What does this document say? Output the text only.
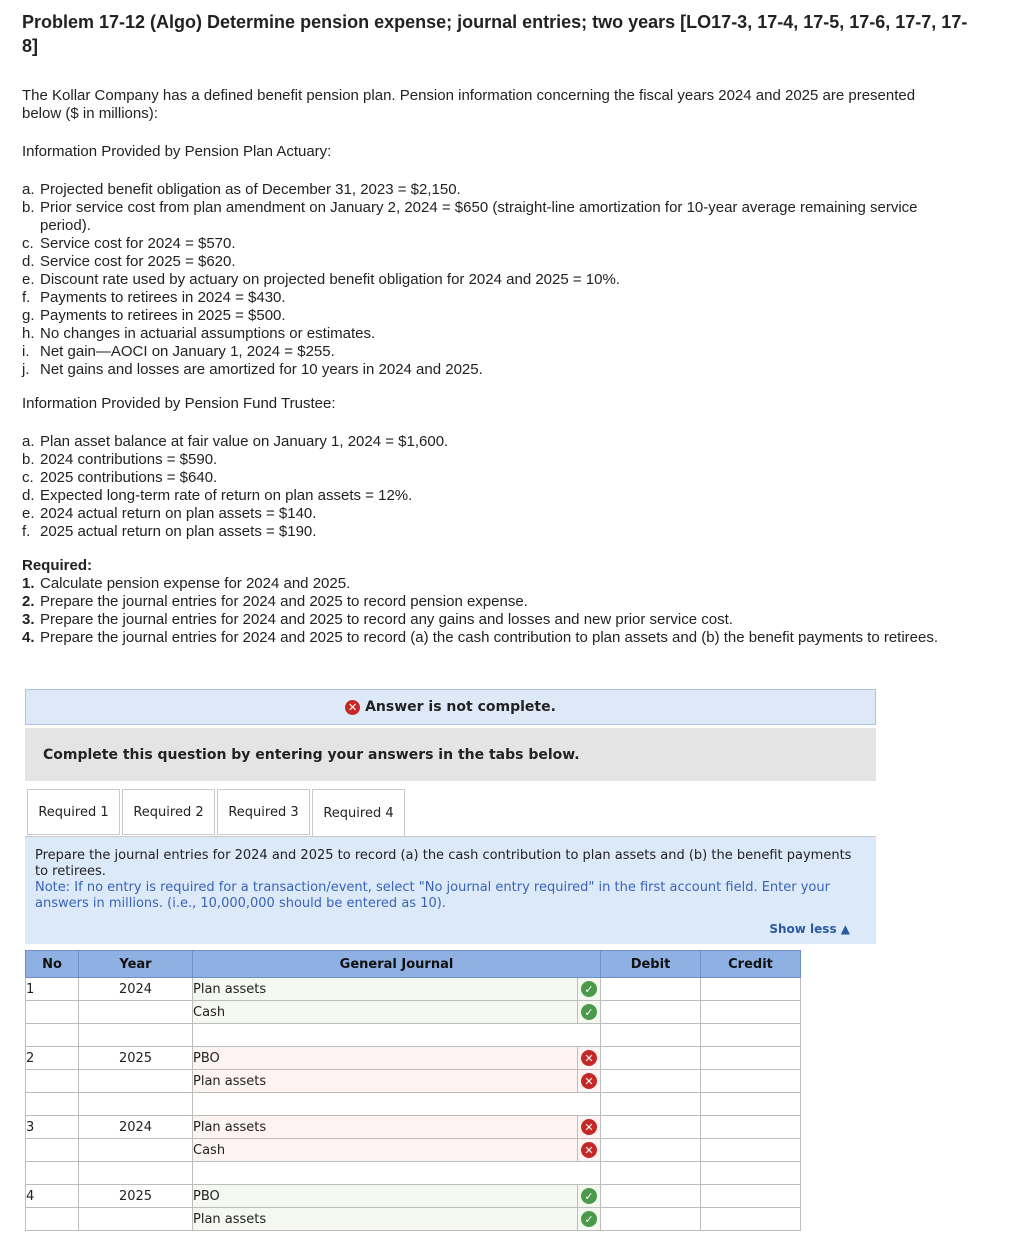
Problem 17-12 (Algo) Determine pension expense; journal entries; two years [LO17-3, 17-4, 17-5, 17-6, 17-7, 17-8]
The Kollar Company has a defined benefit pension plan. Pension information concerning the fiscal years 2024 and 2025 are presented below ($ in millions):
Information Provided by Pension Plan Actuary:
a. Projected benefit obligation as of December 31, 2023 = $2,150.
b. Prior service cost from plan amendment on January 2, 2024 = $650 (straight-line amortization for 10-year average remaining service period).
c. Service cost for 2024 = $570.
d. Service cost for 2025 = $620.
e. Discount rate used by actuary on projected benefit obligation for 2024 and 2025 = 10%.
f. Payments to retirees in 2024 = $430.
g. Payments to retirees in 2025 = $500.
h. No changes in actuarial assumptions or estimates.
i. Net gain—AOCI on January 1, 2024 = $255.
j. Net gains and losses are amortized for 10 years in 2024 and 2025.
Information Provided by Pension Fund Trustee:
a. Plan asset balance at fair value on January 1, 2024 = $1,600.
b. 2024 contributions = $590.
c. 2025 contributions = $640.
d. Expected long-term rate of return on plan assets = 12%.
e. 2024 actual return on plan assets = $140.
f. 2025 actual return on plan assets = $190.
Required:
1. Calculate pension expense for 2024 and 2025.
2. Prepare the journal entries for 2024 and 2025 to record pension expense.
3. Prepare the journal entries for 2024 and 2025 to record any gains and losses and new prior service cost.
4. Prepare the journal entries for 2024 and 2025 to record (a) the cash contribution to plan assets and (b) the benefit payments to retirees.
✕ Answer is not complete.
Complete this question by entering your answers in the tabs below.
Required 1	Required 2	Required 3	Required 4
Prepare the journal entries for 2024 and 2025 to record (a) the cash contribution to plan assets and (b) the benefit payments to retirees.
Note: If no entry is required for a transaction/event, select "No journal entry required" in the first account field. Enter your answers in millions. (i.e., 10,000,000 should be entered as 10).
Show less ▲
No	Year	General Journal		Debit	Credit
1	2024	Plan assets	✓		
		Cash	✓		

2	2025	PBO	✕		
		Plan assets	✕		

3	2024	Plan assets	✕		
		Cash	✕		

4	2025	PBO	✓		
		Plan assets	✓		
